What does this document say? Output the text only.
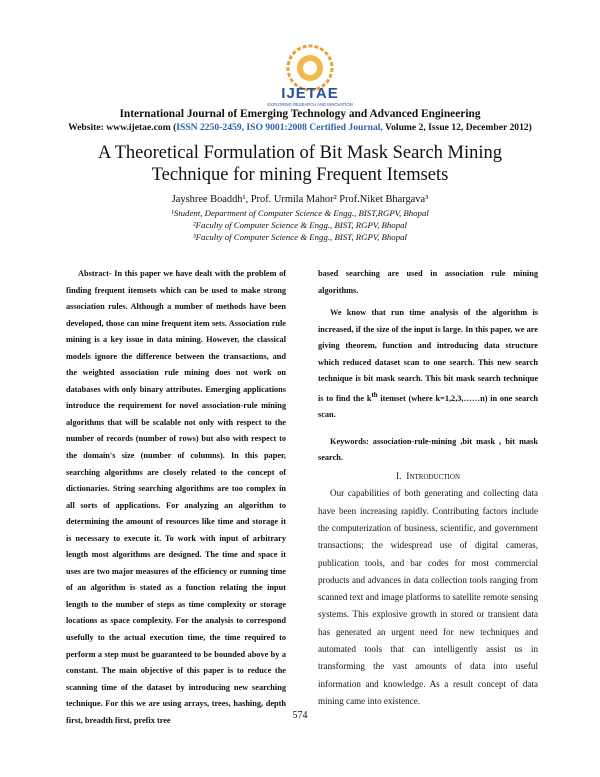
IJETAE
EXPLORING RESEARCH AND INNOVATION
International Journal of Emerging Technology and Advanced Engineering
Website: www.ijetae.com (ISSN 2250-2459, ISO 9001:2008 Certified Journal, Volume 2, Issue 12, December 2012)
A Theoretical Formulation of Bit Mask Search Mining
Technique for mining Frequent Itemsets
Jayshree Boaddh¹, Prof. Urmila Mahor² Prof.Niket Bhargava³
¹Student, Department of Computer Science & Engg., BIST,RGPV, Bhopal
²Faculty of Computer Science & Engg., BIST, RGPV, Bhopal
³Faculty of Computer Science & Engg., BIST, RGPV, Bhopal

Abstract- In this paper we have dealt with the problem of finding frequent itemsets which can be used to make strong association rules. Although a number of methods have been developed, those can mine frequent item sets. Association rule mining is a key issue in data mining. However, the classical models ignore the difference between the transactions, and the weighted association rule mining does not work on databases with only binary attributes. Emerging applications introduce the requirement for novel association-rule mining algorithms that will be scalable not only with respect to the number of records (number of rows) but also with respect to the domain's size (number of columns). In this paper, searching algorithms are closely related to the concept of dictionaries. String searching algorithms are too complex in all sorts of applications. For analyzing an algorithm to determining the amount of resources like time and storage it is necessary to execute it. To work with input of arbitrary length most algorithms are designed. The time and space it uses are two major measures of the efficiency or running time of an algorithm is stated as a function relating the input length to the number of steps as time complexity or storage locations as space complexity. For the analysis to correspond usefully to the actual execution time, the time required to perform a step must be guaranteed to be bounded above by a constant. The main objective of this paper is to reduce the scanning time of the dataset by introducing new searching technique. For this we are using arrays, trees, hashing, depth first, breadth first, prefix tree

based searching are used in association rule mining algorithms.

We know that run time analysis of the algorithm is increased, if the size of the input is large. In this paper, we are giving theorem, function and introducing data structure which reduced dataset scan to one search. This new search technique is bit mask search. This bit mask search technique is to find the $k^{th}$ itemset (where k=1,2,3,……n) in one search scan.

Keywords: association-rule-mining ,bit mask , bit mask search.

I. Introduction

Our capabilities of both generating and collecting data have been increasing rapidly. Contributing factors include the computerization of business, scientific, and government transactions; the widespread use of digital cameras, publication tools, and bar codes for most commercial products and advances in data collection tools ranging from scanned text and image platforms to satellite remote sensing systems. This explosive growth in stored or transient data has generated an urgent need for new techniques and automated tools that can intelligently assist us in transforming the vast amounts of data into useful information and knowledge. As a result concept of data mining came into existence.

574
